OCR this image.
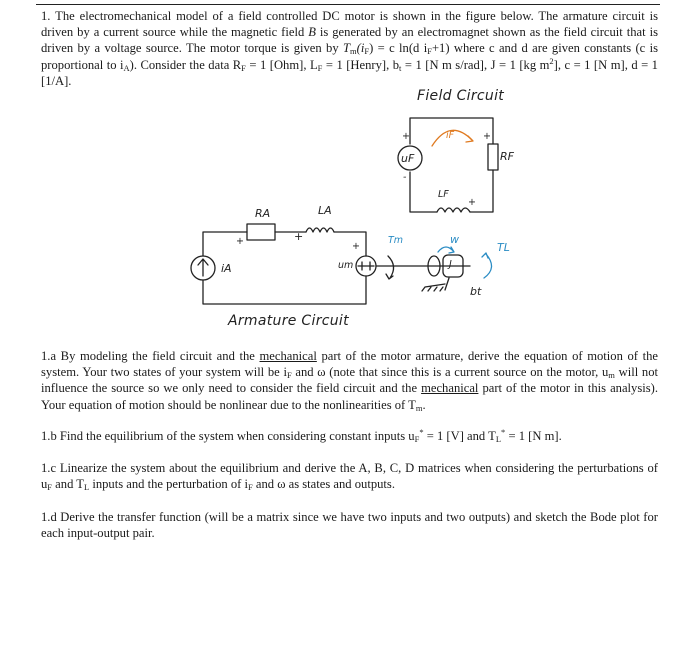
1. The electromechanical model of a field controlled DC motor is shown in the figure below. The armature circuit is driven by a current source while the magnetic field B is generated by an electromagnet shown as the field circuit that is driven by a voltage source. The motor torque is given by $T_m(i_F) = c$ ln(d $i_F+1$) where c and d are given constants (c is proportional to $i_A$). Consider the data $R_F = 1$ [Ohm], $L_F = 1$ [Henry], $b_t = 1$ [N m s/rad], J = 1 [kg $m^2$], c = 1 [N m], d = 1 [1/A].

Field Circuit
uF
+
-
iF	+
RF
LF
+
RA	LA
+	+
+
iA	um
Tm	w
J
TL
bt
Armature Circuit

1.a By modeling the field circuit and the mechanical part of the motor armature, derive the equation of motion of the system. Your two states of your system will be $i_F$ and ω (note that since this is a current source on the motor, $u_m$ will not influence the source so we only need to consider the field circuit and the mechanical part of the motor in this analysis). Your equation of motion should be nonlinear due to the nonlinearities of $T_m$.

1.b Find the equilibrium of the system when considering constant inputs $u_F^* = 1$ [V] and $T_L^* = 1$ [N m].

1.c Linearize the system about the equilibrium and derive the A, B, C, D matrices when considering the perturbations of $u_F$ and $T_L$ inputs and the perturbation of $i_F$ and ω as states and outputs.

1.d Derive the transfer function (will be a matrix since we have two inputs and two outputs) and sketch the Bode plot for each input-output pair.
